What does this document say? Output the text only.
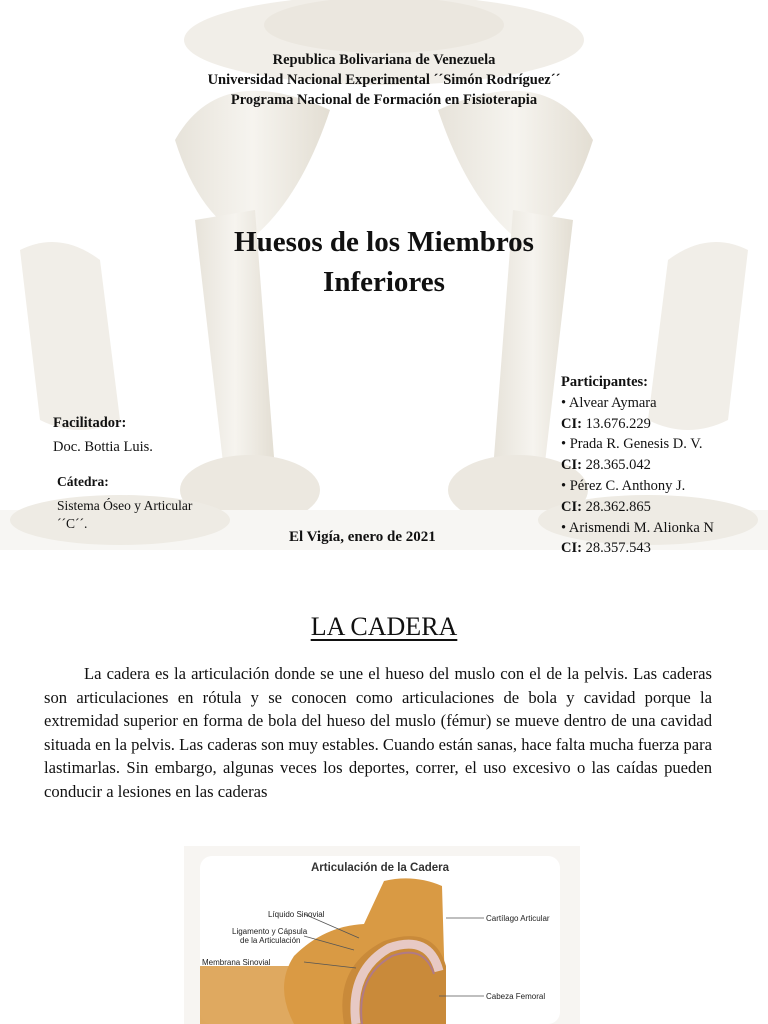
Republica Bolivariana de Venezuela
Universidad Nacional Experimental ´´Simón Rodríguez´´
Programa Nacional de Formación en Fisioterapia
Huesos de los Miembros
Inferiores
Facilitador:
Doc. Bottia Luis.
Cátedra:
Sistema Óseo y Articular
´´C´´.
El Vigía, enero de 2021
Participantes:
• Alvear Aymara
CI: 13.676.229
• Prada R. Genesis D. V.
CI: 28.365.042
• Pérez C. Anthony J.
CI: 28.362.865
• Arismendi M. Alionka N
CI: 28.357.543
LA CADERA
La cadera es la articulación donde se une el hueso del muslo con el de la pelvis. Las caderas son articulaciones en rótula y se conocen como articulaciones de bola y cavidad porque la extremidad superior en forma de bola del hueso del muslo (fémur) se mueve dentro de una cavidad situada en la pelvis. Las caderas son muy estables. Cuando están sanas, hace falta mucha fuerza para lastimarlas. Sin embargo, algunas veces los deportes, correr, el uso excesivo o las caídas pueden conducir a lesiones en las caderas
Articulación de la Cadera
Líquido Sinovial
Ligamento y Cápsula
de la Articulación
Membrana Sinovial
Cartílago Articular
Cabeza Femoral
